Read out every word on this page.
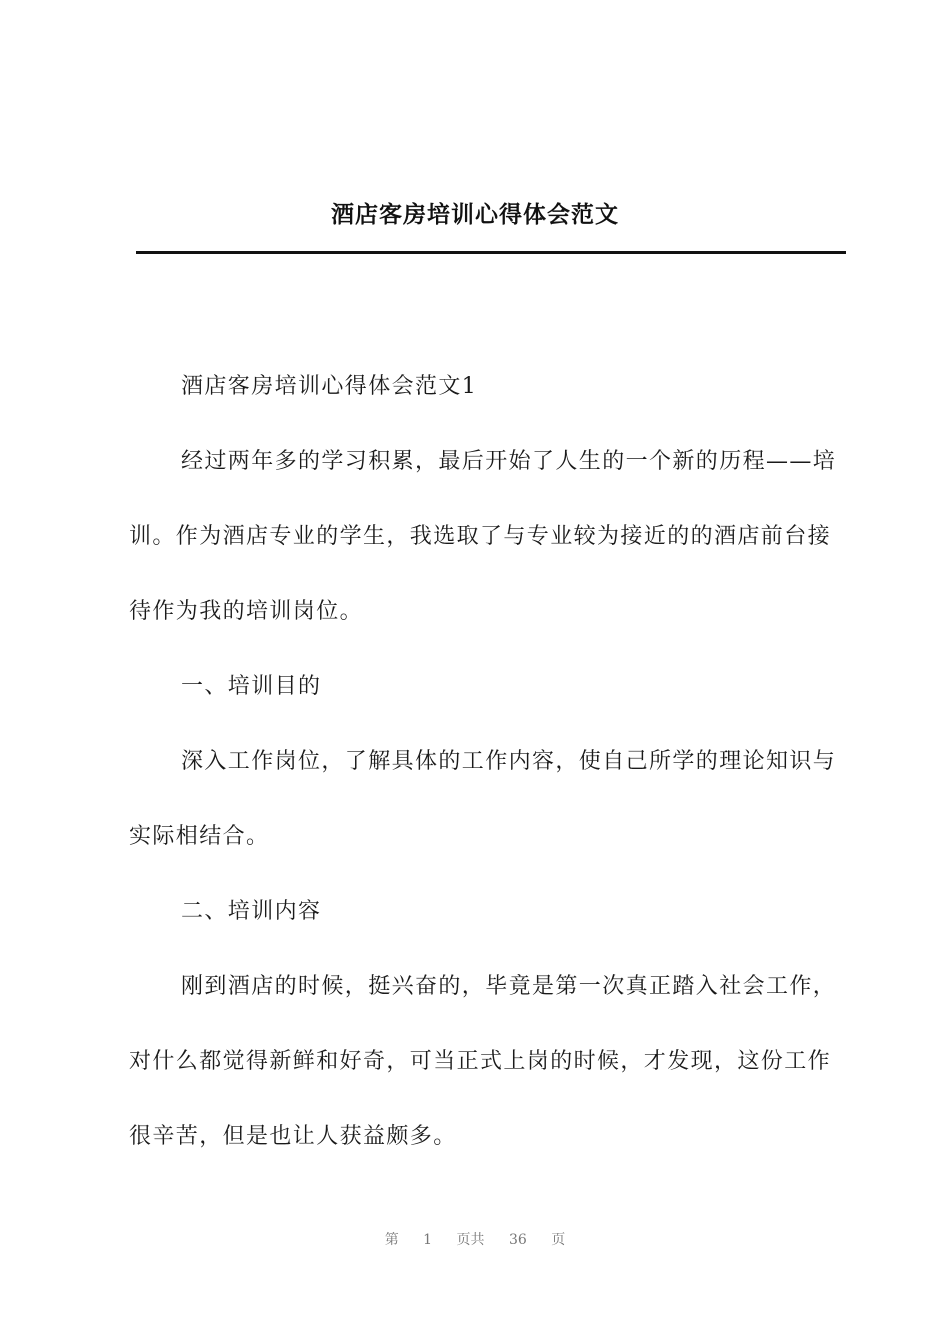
酒店客房培训心得体会范文

酒店客房培训心得体会范文1

经过两年多的学习积累，最后开始了人生的一个新的历程——培训。作为酒店专业的学生，我选取了与专业较为接近的的酒店前台接待作为我的培训岗位。

一、培训目的

深入工作岗位，了解具体的工作内容，使自己所学的理论知识与实际相结合。

二、培训内容

刚到酒店的时候，挺兴奋的，毕竟是第一次真正踏入社会工作，对什么都觉得新鲜和好奇，可当正式上岗的时候，才发现，这份工作很辛苦，但是也让人获益颇多。

第 1 页共 36 页
